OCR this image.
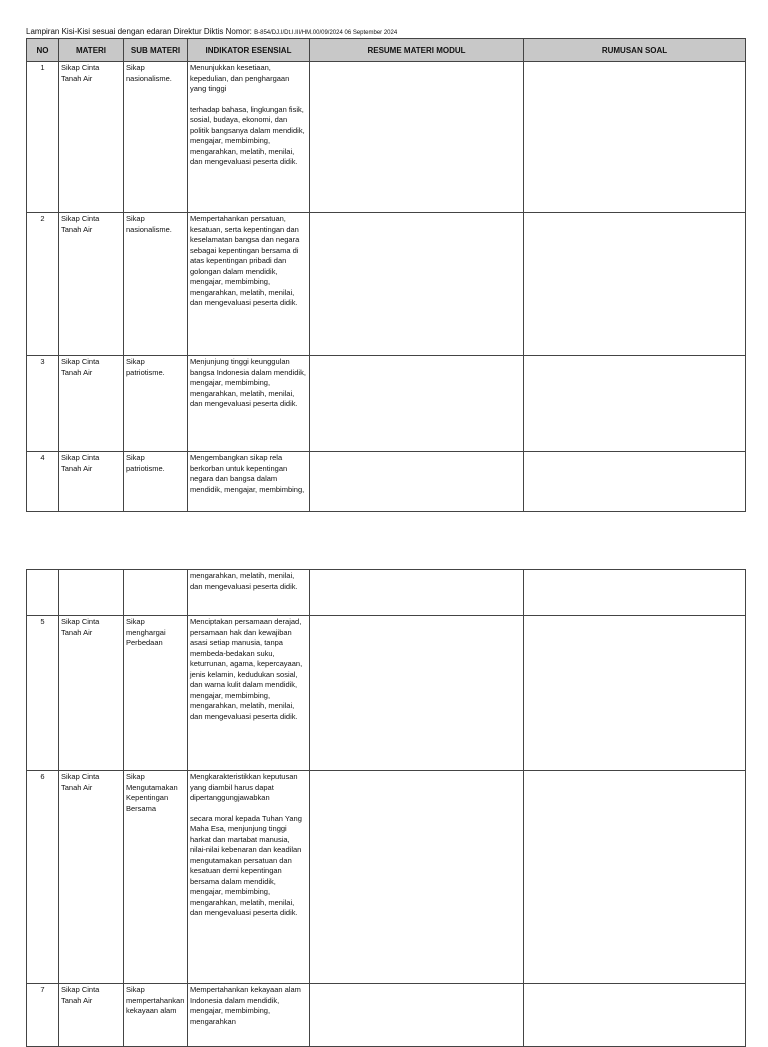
Lampiran Kisi-Kisi sesuai dengan edaran Direktur Diktis Nomor: B-854/DJ.I/Dt.I.III/HM.00/09/2024 06 September 2024
NO	MATERI	SUB MATERI	INDIKATOR ESENSIAL	RESUME MATERI MODUL	RUMUSAN SOAL
1	Sikap Cinta Tanah Air	Sikap nasionalisme.	Menunjukkan kesetiaan, kepedulian, dan penghargaan yang tinggi
terhadap bahasa, lingkungan fisik, sosial, budaya, ekonomi, dan politik bangsanya dalam mendidik, mengajar, membimbing, mengarahkan, melatih, menilai, dan mengevaluasi peserta didik.		

2	Sikap Cinta Tanah Air	Sikap nasionalisme.	Mempertahankan persatuan, kesatuan, serta kepentingan dan keselamatan bangsa dan negara sebagai kepentingan bersama di atas kepentingan pribadi dan golongan dalam mendidik, mengajar, membimbing, mengarahkan, melatih, menilai, dan mengevaluasi peserta didik.		
3	Sikap Cinta Tanah Air	Sikap patriotisme.	Menjunjung tinggi keunggulan bangsa Indonesia dalam mendidik, mengajar, membimbing, mengarahkan, melatih, menilai, dan mengevaluasi peserta didik.		
4	Sikap Cinta Tanah Air	Sikap patriotisme.	Mengembangkan sikap rela berkorban untuk kepentingan negara dan bangsa dalam mendidik, mengajar, membimbing,		
			mengarahkan, melatih, menilai, dan mengevaluasi peserta didik.		
5	Sikap Cinta Tanah Air	Sikap menghargai Perbedaan	Menciptakan persamaan derajad, persamaan hak dan kewajiban asasi setiap manusia, tanpa membeda-bedakan suku, keturrunan, agama, kepercayaan, jenis kelamin, kedudukan sosial, dan warna kulit dalam mendidik, mengajar, membimbing, mengarahkan, melatih, menilai, dan mengevaluasi peserta didik.		
6	Sikap Cinta Tanah Air	Sikap Mengutamakan Kepentingan Bersama	Mengkarakteristikkan keputusan yang diambil harus dapat dipertanggungjawabkan
secara moral kepada Tuhan Yang Maha Esa, menjunjung tinggi harkat dan martabat manusia, nilai-nilai kebenaran dan keadilan mengutamakan persatuan dan kesatuan demi kepentingan bersama dalam mendidik, mengajar, membimbing, mengarahkan, melatih, menilai, dan mengevaluasi peserta didik.		

7	Sikap Cinta Tanah Air	Sikap mempertahankan kekayaan alam	Mempertahankan kekayaan alam Indonesia dalam mendidik, mengajar, membimbing, mengarahkan		
